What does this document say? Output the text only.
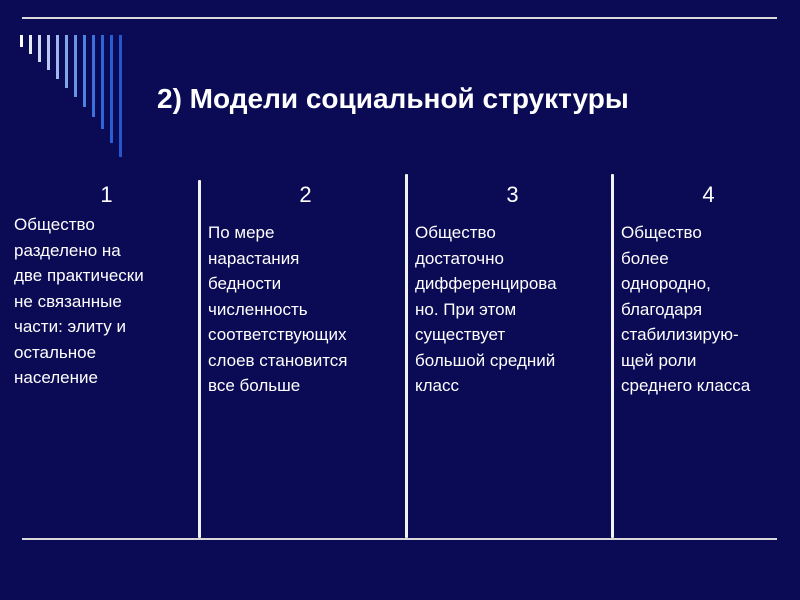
2) Модели социальной структуры

1

Общество
разделено на
две практически
не связанные
части: элиту и
остальное
население

2

По мере
нарастания
бедности
численность
соответствующих
слоев становится
все больше

3

Общество
достаточно
дифференцирова
но. При этом
существует
большой средний
класс

4

Общество
более
однородно,
благодаря
стабилизирую-
щей роли
среднего класса
